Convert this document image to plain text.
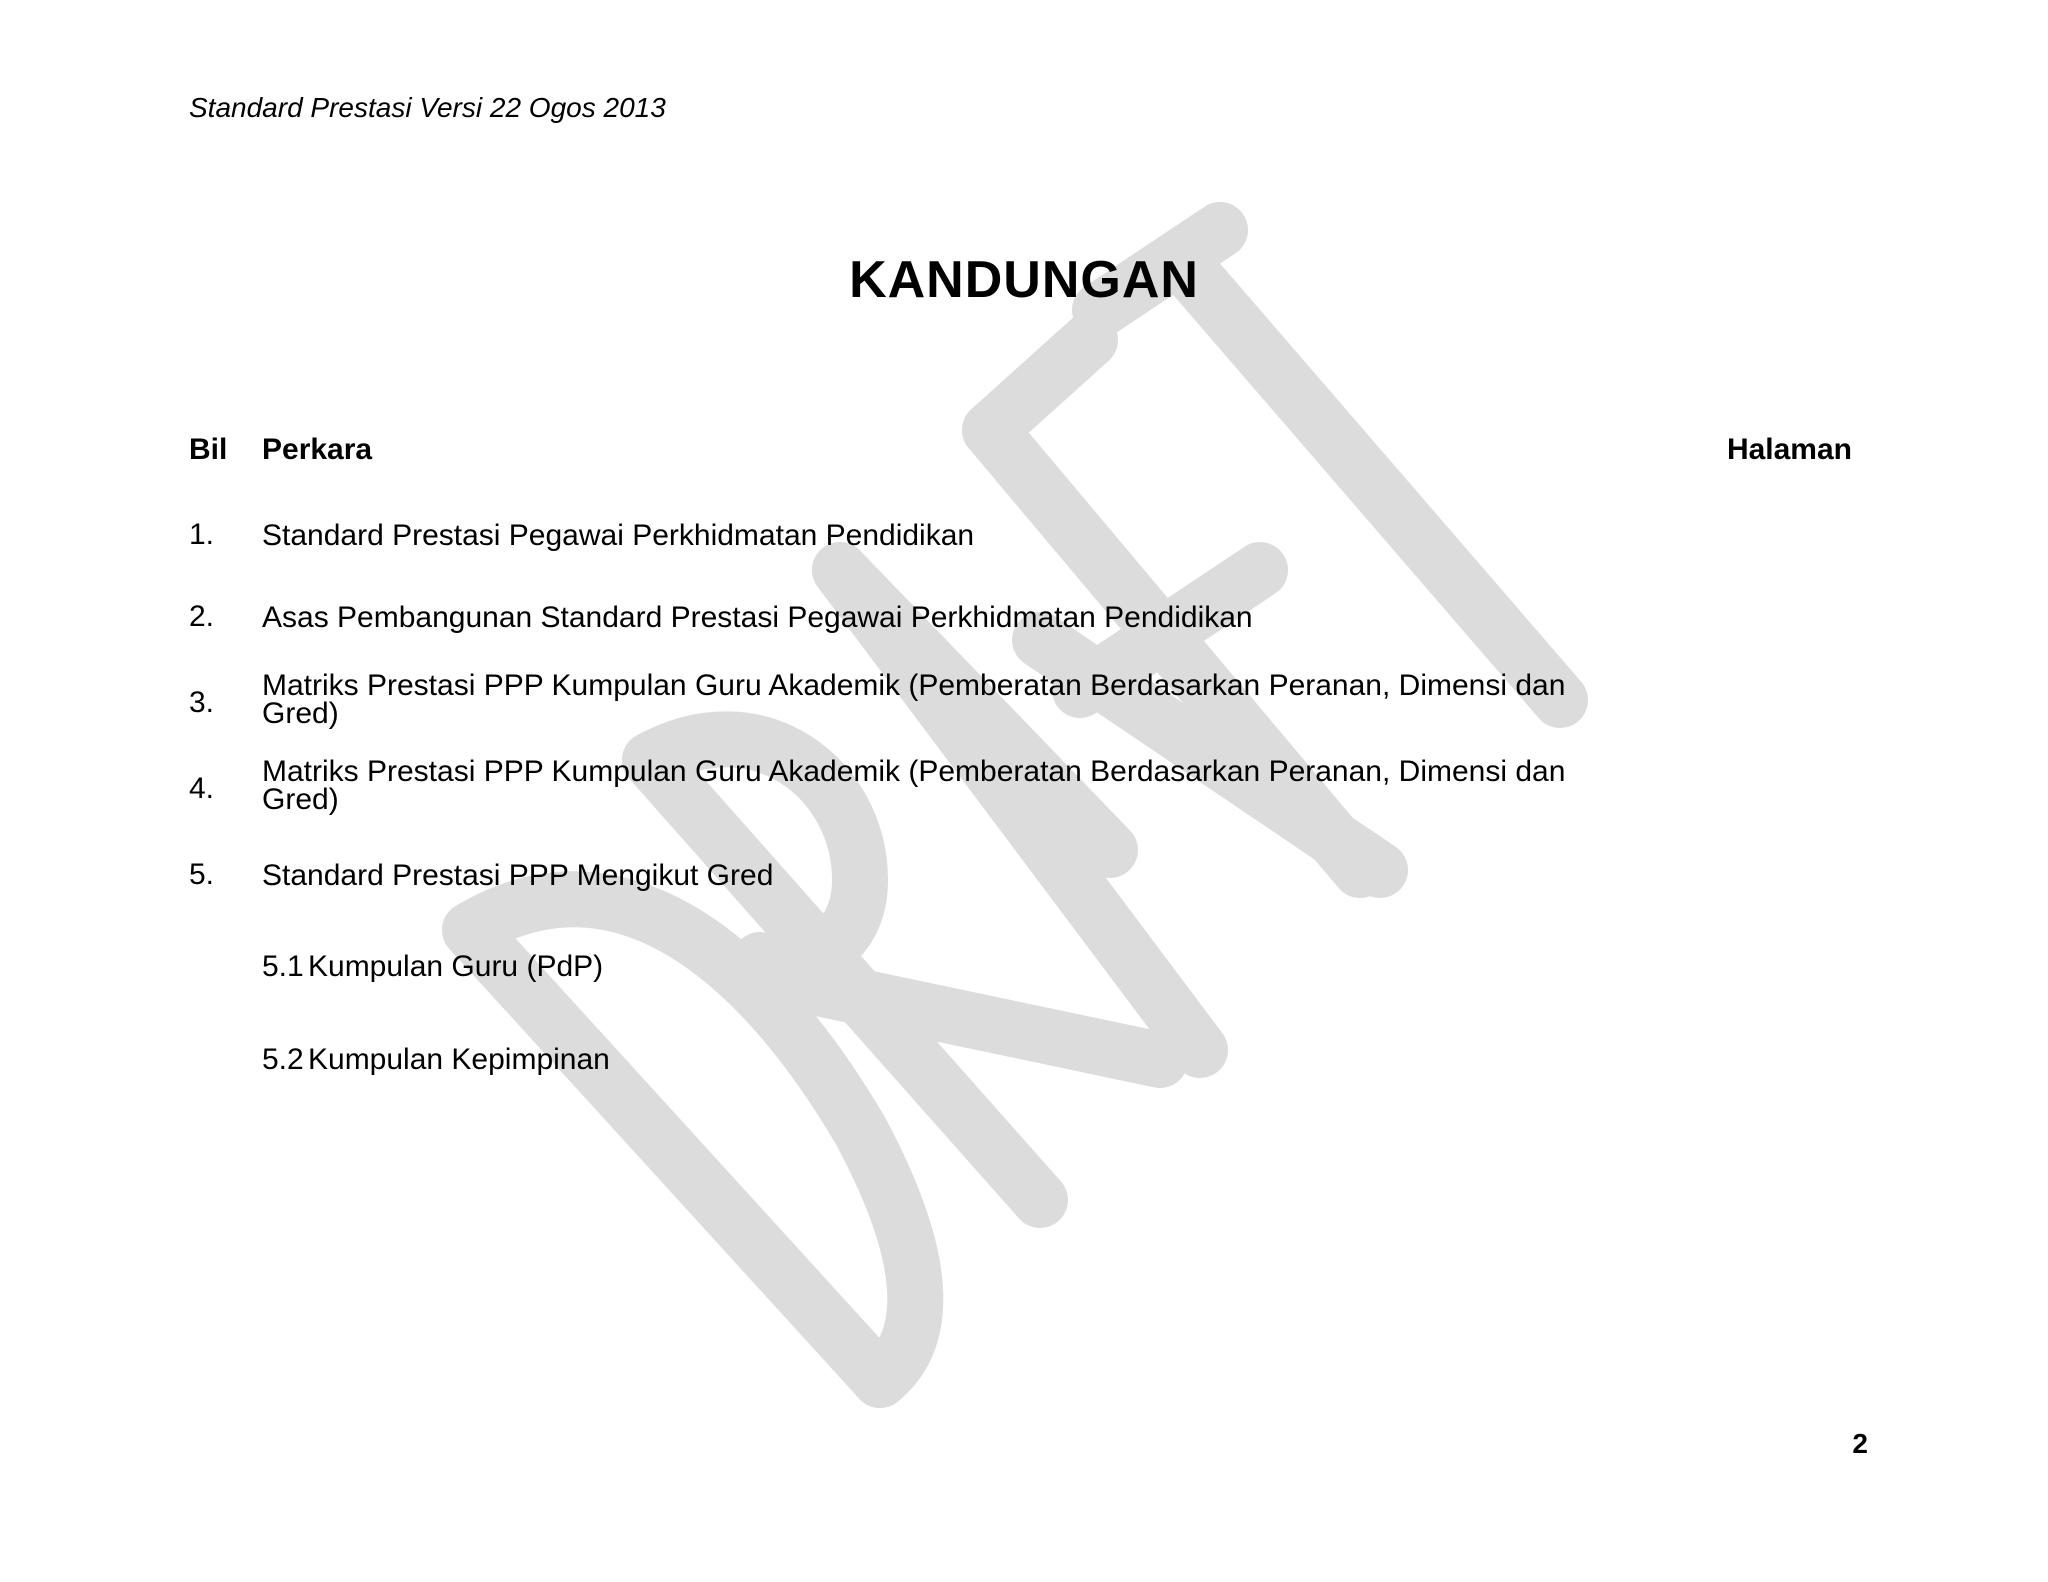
Standard Prestasi Versi 22 Ogos 2013
KANDUNGAN
Bil Perkara	Halaman
1. Standard Prestasi Pegawai Perkhidmatan Pendidikan
2. Asas Pembangunan Standard Prestasi Pegawai Perkhidmatan Pendidikan
3.
Matriks Prestasi PPP Kumpulan Guru Akademik (Pemberatan Berdasarkan Peranan, Dimensi dan
Gred)
4.
Matriks Prestasi PPP Kumpulan Guru Akademik (Pemberatan Berdasarkan Peranan, Dimensi dan
Gred)
5. Standard Prestasi PPP Mengikut Gred
5.1 Kumpulan Guru (PdP)
5.2 Kumpulan Kepimpinan
2
